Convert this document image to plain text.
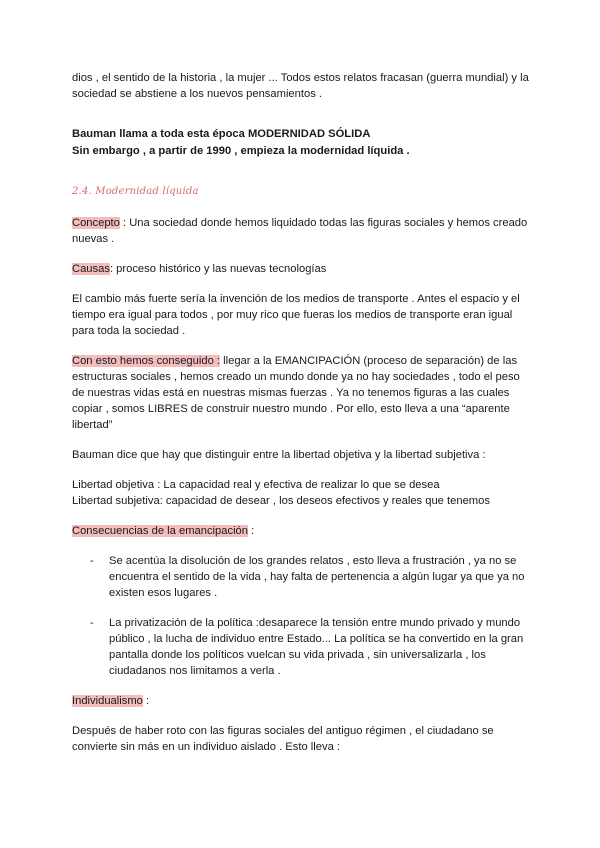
dios , el sentido de la historia , la mujer ... Todos estos relatos fracasan (guerra mundial) y la
sociedad se abstiene a los nuevos pensamientos .

Bauman llama a toda esta época MODERNIDAD SÓLIDA
Sin embargo , a partir de 1990 , empieza la modernidad líquida .

2.4. Modernidad líquida

Concepto : Una sociedad donde hemos liquidado todas las figuras sociales y hemos creado nuevas .

Causas: proceso histórico y las nuevas tecnologías

El cambio más fuerte sería la invención de los medios de transporte . Antes el espacio y el tiempo era igual para todos , por muy rico que fueras los medios de transporte eran igual para toda la sociedad .

Con esto hemos conseguido : llegar a la EMANCIPACIÓN (proceso de separación) de las estructuras sociales , hemos creado un mundo donde ya no hay sociedades , todo el peso de nuestras vidas está en nuestras mismas fuerzas . Ya no tenemos figuras a las cuales copiar , somos LIBRES de construir nuestro mundo . Por ello, esto lleva a una “aparente libertad”

Bauman dice que hay que distinguir entre la libertad objetiva y la libertad subjetiva :

Libertad objetiva : La capacidad real y efectiva de realizar lo que se desea
Libertad subjetiva: capacidad de desear , los deseos efectivos y reales que tenemos

Consecuencias de la emancipación :

- Se acentúa la disolución de los grandes relatos , esto lleva a frustración , ya no se encuentra el sentido de la vida , hay falta de pertenencia a algún lugar ya que ya no existen esos lugares .
- La privatización de la política :desaparece la tensión entre mundo privado y mundo público , la lucha de individuo entre Estado... La política se ha convertido en la gran pantalla donde los políticos vuelcan su vida privada , sin universalizarla , los ciudadanos nos limitamos a verla .

Individualismo :

Después de haber roto con las figuras sociales del antiguo régimen , el ciudadano se convierte sin más en un individuo aislado . Esto lleva :
